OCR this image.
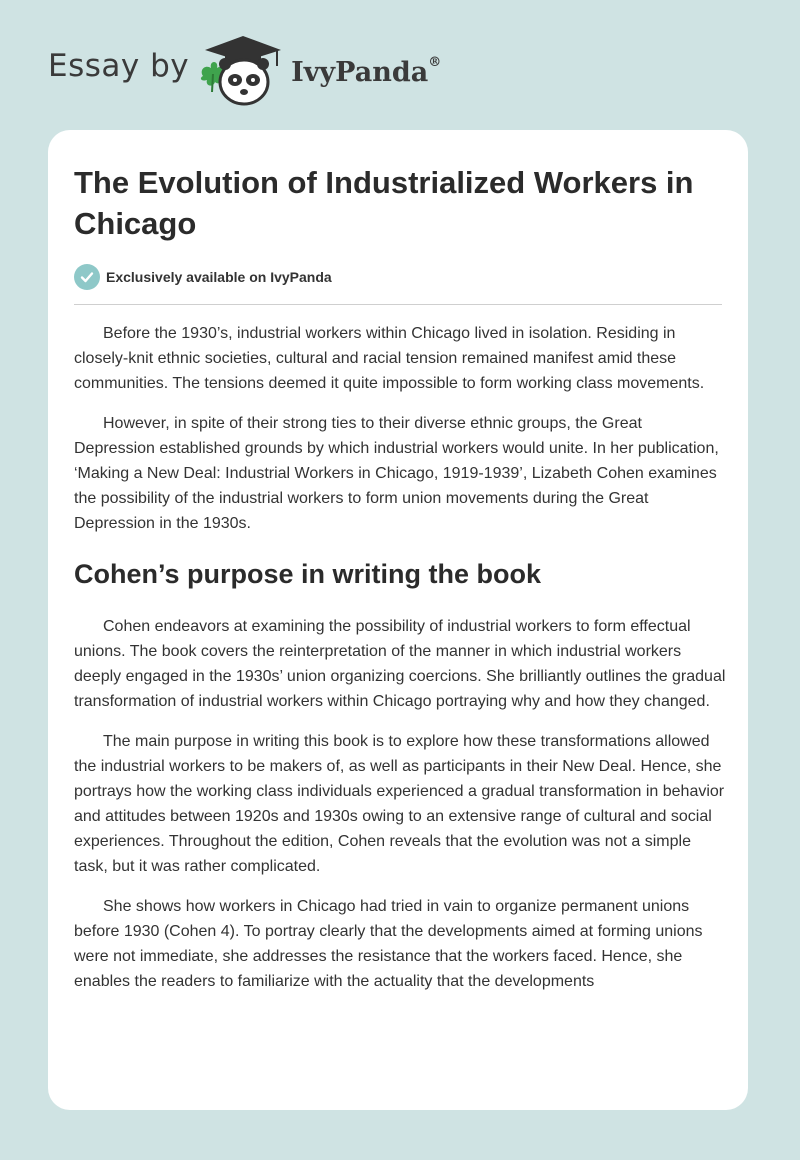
Essay by	IvyPanda®
The Evolution of Industrialized Workers in Chicago
Exclusively available on IvyPanda

Before the 1930’s, industrial workers within Chicago lived in isolation. Residing in closely-knit ethnic societies, cultural and racial tension remained manifest amid these communities. The tensions deemed it quite impossible to form working class movements.

However, in spite of their strong ties to their diverse ethnic groups, the Great Depression established grounds by which industrial workers would unite. In her publication, ‘Making a New Deal: Industrial Workers in Chicago, 1919-1939’, Lizabeth Cohen examines the possibility of the industrial workers to form union movements during the Great Depression in the 1930s.

Cohen’s purpose in writing the book

Cohen endeavors at examining the possibility of industrial workers to form effectual unions. The book covers the reinterpretation of the manner in which industrial workers deeply engaged in the 1930s’ union organizing coercions. She brilliantly outlines the gradual transformation of industrial workers within Chicago portraying why and how they changed.

The main purpose in writing this book is to explore how these transformations allowed the industrial workers to be makers of, as well as participants in their New Deal. Hence, she portrays how the working class individuals experienced a gradual transformation in behavior and attitudes between 1920s and 1930s owing to an extensive range of cultural and social experiences. Throughout the edition, Cohen reveals that the evolution was not a simple task, but it was rather complicated.

She shows how workers in Chicago had tried in vain to organize permanent unions before 1930 (Cohen 4). To portray clearly that the developments aimed at forming unions were not immediate, she addresses the resistance that the workers faced. Hence, she enables the readers to familiarize with the actuality that the developments
